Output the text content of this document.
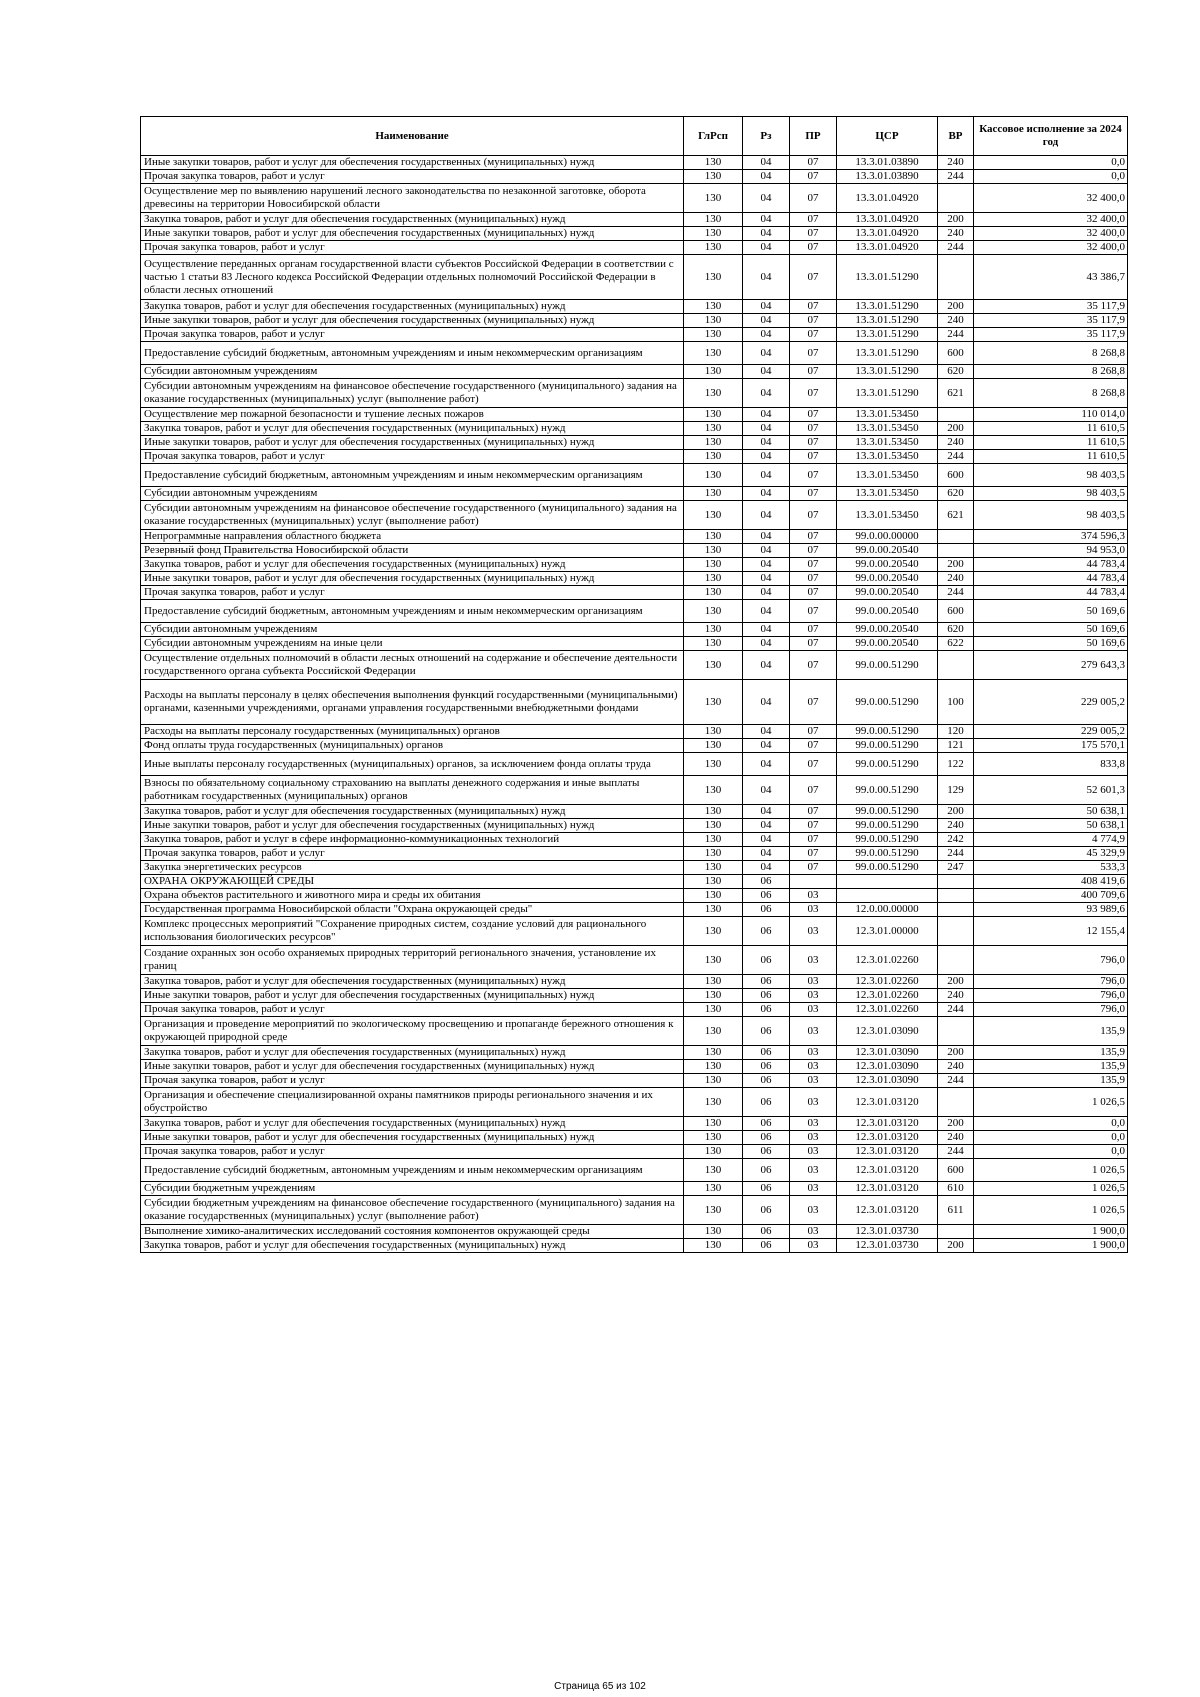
Наименование	ГлРсп	Рз	ПР	ЦСР	ВР	Кассовое исполнение за 2024 год
Иные закупки товаров, работ и услуг для обеспечения государственных (муниципальных) нужд	130	04	07	13.3.01.03890	240	0,0
Прочая закупка товаров, работ и услуг	130	04	07	13.3.01.03890	244	0,0
Осуществление мер по выявлению нарушений лесного законодательства по незаконной заготовке, оборота древесины на территории Новосибирской области	130	04	07	13.3.01.04920		32 400,0
Закупка товаров, работ и услуг для обеспечения государственных (муниципальных) нужд	130	04	07	13.3.01.04920	200	32 400,0
Иные закупки товаров, работ и услуг для обеспечения государственных (муниципальных) нужд	130	04	07	13.3.01.04920	240	32 400,0
Прочая закупка товаров, работ и услуг	130	04	07	13.3.01.04920	244	32 400,0
Осуществление переданных органам государственной власти субъектов Российской Федерации в соответствии с частью 1 статьи 83 Лесного кодекса Российской Федерации отдельных полномочий Российской Федерации в области лесных отношений	130	04	07	13.3.01.51290		43 386,7
Закупка товаров, работ и услуг для обеспечения государственных (муниципальных) нужд	130	04	07	13.3.01.51290	200	35 117,9
Иные закупки товаров, работ и услуг для обеспечения государственных (муниципальных) нужд	130	04	07	13.3.01.51290	240	35 117,9
Прочая закупка товаров, работ и услуг	130	04	07	13.3.01.51290	244	35 117,9
Предоставление субсидий бюджетным, автономным учреждениям и иным некоммерческим организациям	130	04	07	13.3.01.51290	600	8 268,8
Субсидии автономным учреждениям	130	04	07	13.3.01.51290	620	8 268,8
Субсидии автономным учреждениям на финансовое обеспечение государственного (муниципального) задания на оказание государственных (муниципальных) услуг (выполнение работ)	130	04	07	13.3.01.51290	621	8 268,8
Осуществление мер пожарной безопасности и тушение лесных пожаров	130	04	07	13.3.01.53450		110 014,0
Закупка товаров, работ и услуг для обеспечения государственных (муниципальных) нужд	130	04	07	13.3.01.53450	200	11 610,5
Иные закупки товаров, работ и услуг для обеспечения государственных (муниципальных) нужд	130	04	07	13.3.01.53450	240	11 610,5
Прочая закупка товаров, работ и услуг	130	04	07	13.3.01.53450	244	11 610,5
Предоставление субсидий бюджетным, автономным учреждениям и иным некоммерческим организациям	130	04	07	13.3.01.53450	600	98 403,5
Субсидии автономным учреждениям	130	04	07	13.3.01.53450	620	98 403,5
Субсидии автономным учреждениям на финансовое обеспечение государственного (муниципального) задания на оказание государственных (муниципальных) услуг (выполнение работ)	130	04	07	13.3.01.53450	621	98 403,5
Непрограммные направления областного бюджета	130	04	07	99.0.00.00000		374 596,3
Резервный фонд Правительства Новосибирской области	130	04	07	99.0.00.20540		94 953,0
Закупка товаров, работ и услуг для обеспечения государственных (муниципальных) нужд	130	04	07	99.0.00.20540	200	44 783,4
Иные закупки товаров, работ и услуг для обеспечения государственных (муниципальных) нужд	130	04	07	99.0.00.20540	240	44 783,4
Прочая закупка товаров, работ и услуг	130	04	07	99.0.00.20540	244	44 783,4
Предоставление субсидий бюджетным, автономным учреждениям и иным некоммерческим организациям	130	04	07	99.0.00.20540	600	50 169,6
Субсидии автономным учреждениям	130	04	07	99.0.00.20540	620	50 169,6
Субсидии автономным учреждениям на иные цели	130	04	07	99.0.00.20540	622	50 169,6
Осуществление отдельных полномочий в области лесных отношений на содержание и обеспечение деятельности государственного органа субъекта Российской Федерации	130	04	07	99.0.00.51290		279 643,3
Расходы на выплаты персоналу в целях обеспечения выполнения функций государственными (муниципальными) органами, казенными учреждениями, органами управления государственными внебюджетными фондами	130	04	07	99.0.00.51290	100	229 005,2
Расходы на выплаты персоналу государственных (муниципальных) органов	130	04	07	99.0.00.51290	120	229 005,2
Фонд оплаты труда государственных (муниципальных) органов	130	04	07	99.0.00.51290	121	175 570,1
Иные выплаты персоналу государственных (муниципальных) органов, за исключением фонда оплаты труда	130	04	07	99.0.00.51290	122	833,8
Взносы по обязательному социальному страхованию на выплаты денежного содержания и иные выплаты работникам государственных (муниципальных) органов	130	04	07	99.0.00.51290	129	52 601,3
Закупка товаров, работ и услуг для обеспечения государственных (муниципальных) нужд	130	04	07	99.0.00.51290	200	50 638,1
Иные закупки товаров, работ и услуг для обеспечения государственных (муниципальных) нужд	130	04	07	99.0.00.51290	240	50 638,1
Закупка товаров, работ и услуг в сфере информационно-коммуникационных технологий	130	04	07	99.0.00.51290	242	4 774,9
Прочая закупка товаров, работ и услуг	130	04	07	99.0.00.51290	244	45 329,9
Закупка энергетических ресурсов	130	04	07	99.0.00.51290	247	533,3
ОХРАНА ОКРУЖАЮЩЕЙ СРЕДЫ	130	06				408 419,6
Охрана объектов растительного и животного мира и среды их обитания	130	06	03			400 709,6
Государственная программа Новосибирской области "Охрана окружающей среды"	130	06	03	12.0.00.00000		93 989,6
Комплекс процессных мероприятий "Сохранение природных систем, создание условий для рационального использования биологических ресурсов"	130	06	03	12.3.01.00000		12 155,4
Создание охранных зон особо охраняемых природных территорий регионального значения, установление их границ	130	06	03	12.3.01.02260		796,0
Закупка товаров, работ и услуг для обеспечения государственных (муниципальных) нужд	130	06	03	12.3.01.02260	200	796,0
Иные закупки товаров, работ и услуг для обеспечения государственных (муниципальных) нужд	130	06	03	12.3.01.02260	240	796,0
Прочая закупка товаров, работ и услуг	130	06	03	12.3.01.02260	244	796,0
Организация и проведение мероприятий по экологическому просвещению и пропаганде бережного отношения к окружающей природной среде	130	06	03	12.3.01.03090		135,9
Закупка товаров, работ и услуг для обеспечения государственных (муниципальных) нужд	130	06	03	12.3.01.03090	200	135,9
Иные закупки товаров, работ и услуг для обеспечения государственных (муниципальных) нужд	130	06	03	12.3.01.03090	240	135,9
Прочая закупка товаров, работ и услуг	130	06	03	12.3.01.03090	244	135,9
Организация и обеспечение специализированной охраны памятников природы регионального значения и их обустройство	130	06	03	12.3.01.03120		1 026,5
Закупка товаров, работ и услуг для обеспечения государственных (муниципальных) нужд	130	06	03	12.3.01.03120	200	0,0
Иные закупки товаров, работ и услуг для обеспечения государственных (муниципальных) нужд	130	06	03	12.3.01.03120	240	0,0
Прочая закупка товаров, работ и услуг	130	06	03	12.3.01.03120	244	0,0
Предоставление субсидий бюджетным, автономным учреждениям и иным некоммерческим организациям	130	06	03	12.3.01.03120	600	1 026,5
Субсидии бюджетным учреждениям	130	06	03	12.3.01.03120	610	1 026,5
Субсидии бюджетным учреждениям на финансовое обеспечение государственного (муниципального) задания на оказание государственных (муниципальных) услуг (выполнение работ)	130	06	03	12.3.01.03120	611	1 026,5
Выполнение химико-аналитических исследований состояния компонентов окружающей среды	130	06	03	12.3.01.03730		1 900,0
Закупка товаров, работ и услуг для обеспечения государственных (муниципальных) нужд	130	06	03	12.3.01.03730	200	1 900,0
Страница 65 из 102
